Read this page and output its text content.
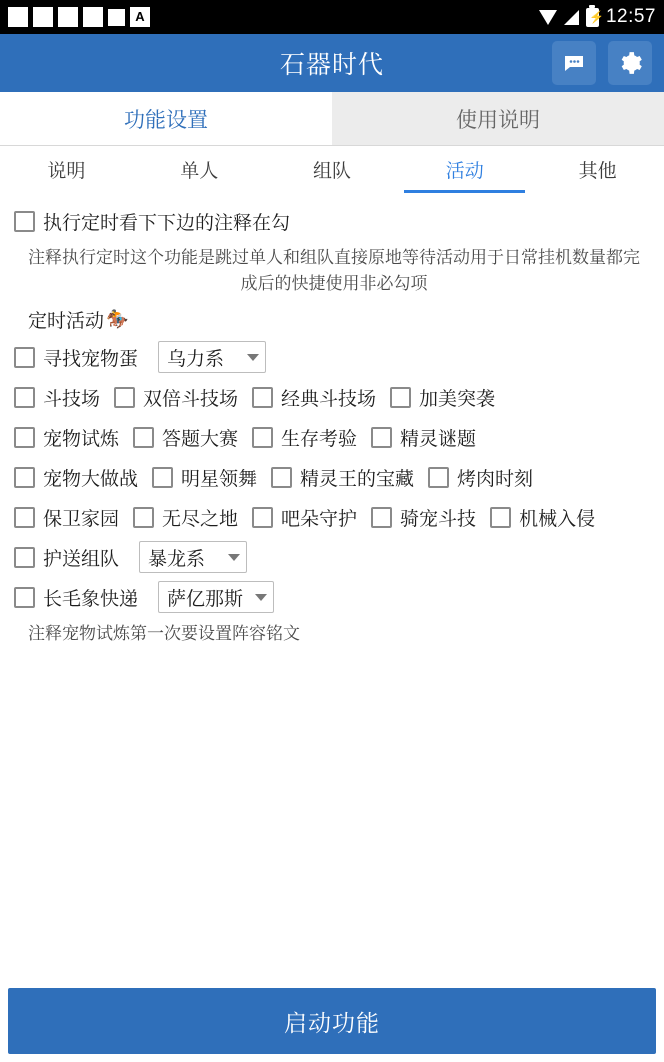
A	⚡ 12:57
石器时代
功能设置	使用说明
说明	单人	组队	活动	其他
执行定时看下下边的注释在勾
注释执行定时这个功能是跳过单人和组队直接原地等待活动用于日常挂机数量都完成后的快捷使用非必勾项
定时活动 🏇
寻找宠物蛋 乌力系
斗技场 双倍斗技场 经典斗技场 加美突袭
宠物试炼 答题大赛 生存考验 精灵谜题
宠物大做战 明星领舞 精灵王的宝藏 烤肉时刻
保卫家园 无尽之地 吧朵守护 骑宠斗技 机械入侵
护送组队 暴龙系
长毛象快递 萨亿那斯
注释宠物试炼第一次要设置阵容铭文
启动功能
